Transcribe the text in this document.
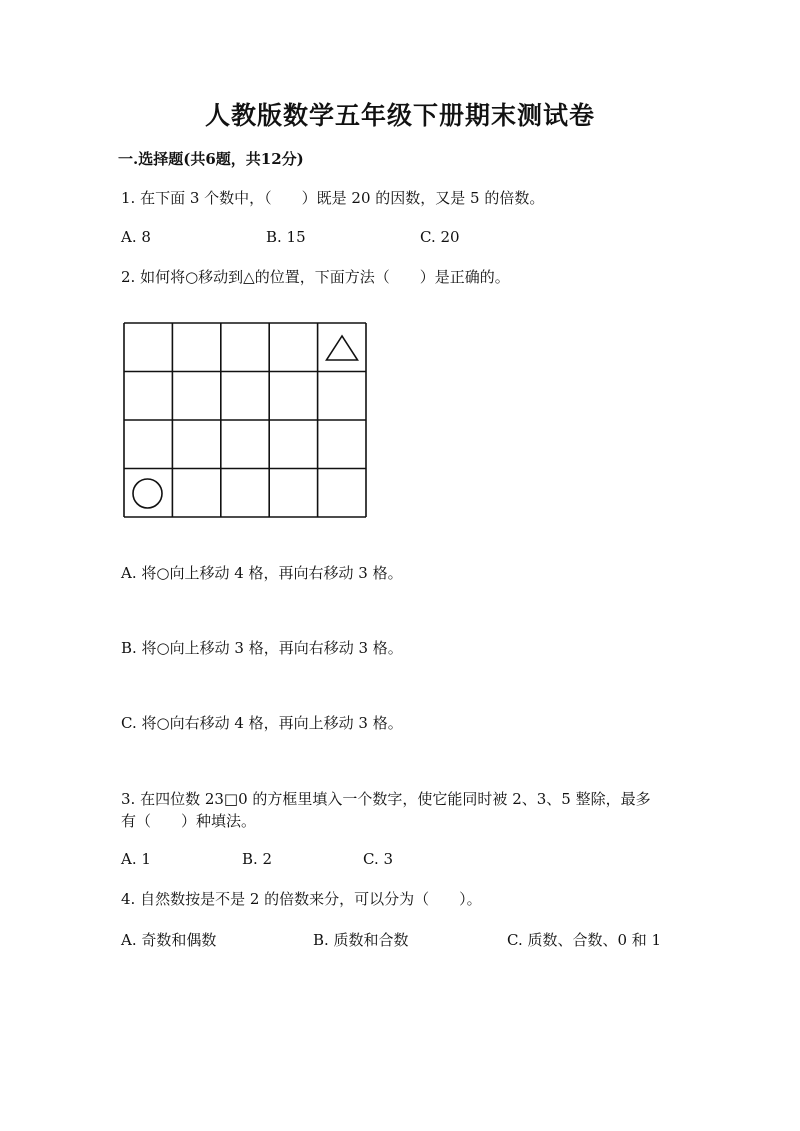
人教版数学五年级下册期末测试卷
一.选择题(共6题，共12分)
1. 在下面 3 个数中，（　　）既是 20 的因数，又是 5 的倍数。
A. 8	B. 15	C. 20
2. 如何将○移动到△的位置，下面方法（　　）是正确的。
A. 将○向上移动 4 格，再向右移动 3 格。
B. 将○向上移动 3 格，再向右移动 3 格。
C. 将○向右移动 4 格，再向上移动 3 格。
3. 在四位数 23□0 的方框里填入一个数字，使它能同时被 2、3、5 整除，最多
有（　　）种填法。
A. 1	B. 2	C. 3
4. 自然数按是不是 2 的倍数来分，可以分为（　　）。
A. 奇数和偶数	B. 质数和合数	C. 质数、合数、0 和 1
